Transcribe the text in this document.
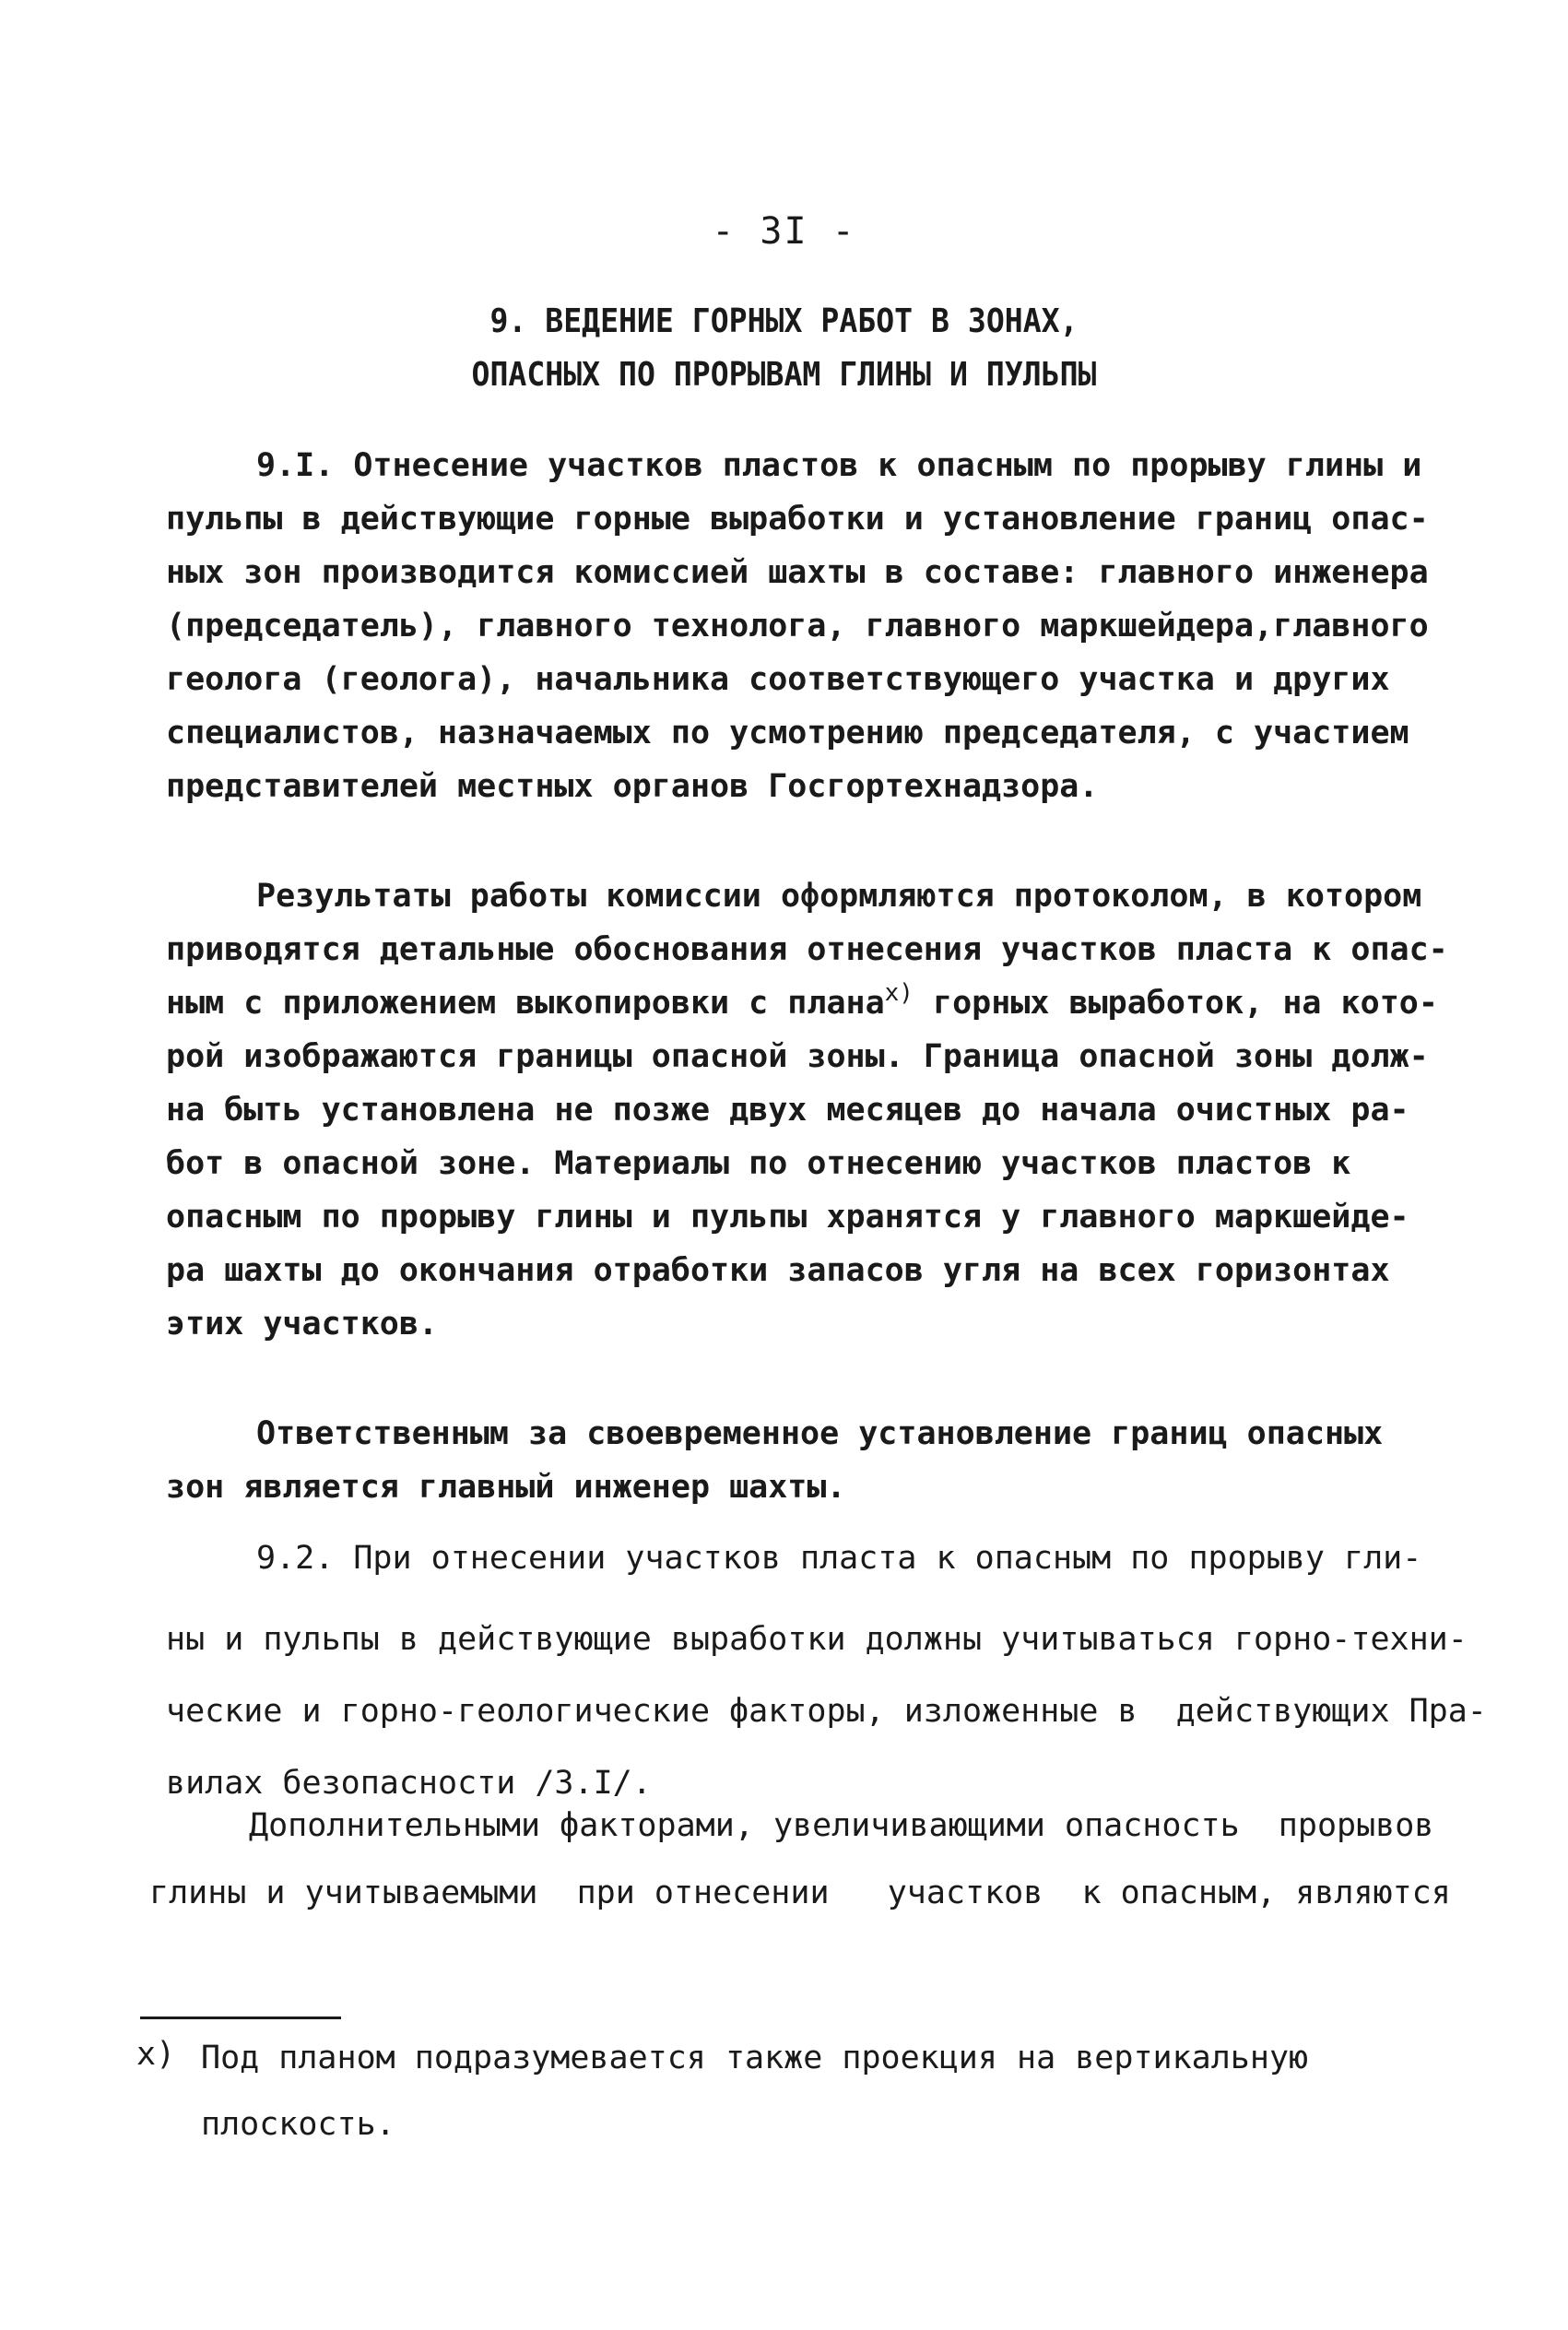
- 3I -
9. ВЕДЕНИЕ ГОРНЫХ РАБОТ В ЗОНАХ,
ОПАСНЫХ ПО ПРОРЫВАМ ГЛИНЫ И ПУЛЬПЫ
9.I. Отнесение участков пластов к опасным по прорыву глины и
пульпы в действующие горные выработки и установление границ опас-
ных зон производится комиссией шахты в составе: главного инженера
(председатель), главного технолога, главного маркшейдера,главного
геолога (геолога), начальника соответствующего участка и других
специалистов, назначаемых по усмотрению председателя, с участием
представителей местных органов Госгортехнадзора.
Результаты работы комиссии оформляются протоколом, в котором
приводятся детальные обоснования отнесения участков пласта к опас-
ным с приложением выкопировки с плана$^{х)}$ горных выработок, на кото-
рой изображаются границы опасной зоны. Граница опасной зоны долж-
на быть установлена не позже двух месяцев до начала очистных ра-
бот в опасной зоне. Материалы по отнесению участков пластов к
опасным по прорыву глины и пульпы хранятся у главного маркшейде-
ра шахты до окончания отработки запасов угля на всех горизонтах
этих участков.
Ответственным за своевременное установление границ опасных
зон является главный инженер шахты.
9.2. При отнесении участков пласта к опасным по прорыву гли-
ны и пульпы в действующие выработки должны учитываться горно-техни-
ческие и горно-геологические факторы, изложенные в  действующих Пра-
вилах безопасности /3.I/.
Дополнительными факторами, увеличивающими опасность  прорывов
глины и учитываемыми  при отнесении   участков  к опасным, являются
х) Под планом подразумевается также проекция на вертикальную
плоскость.
